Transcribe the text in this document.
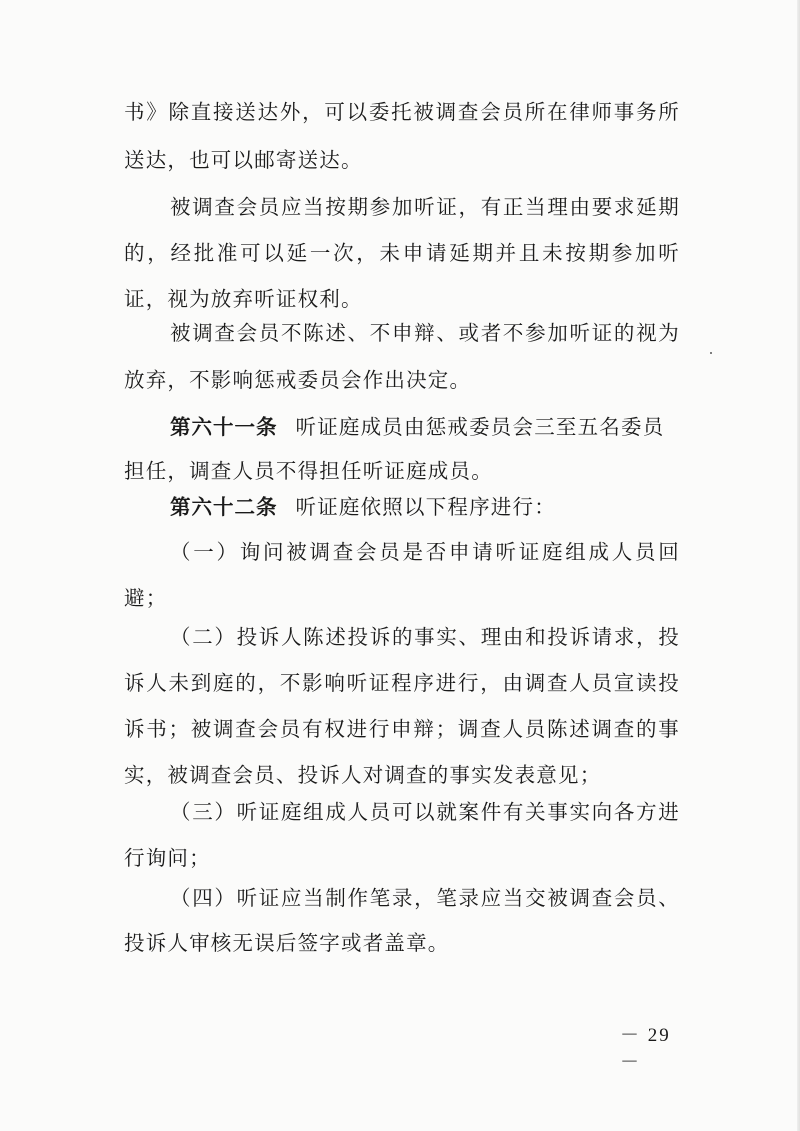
书》除直接送达外，可以委托被调查会员所在律师事务所
送达，也可以邮寄送达。
被调查会员应当按期参加听证，有正当理由要求延期
的，经批准可以延一次，未申请延期并且未按期参加听
证，视为放弃听证权利。
被调查会员不陈述、不申辩、或者不参加听证的视为
放弃，不影响惩戒委员会作出决定。
第六十一条 听证庭成员由惩戒委员会三至五名委员
担任，调查人员不得担任听证庭成员。
第六十二条 听证庭依照以下程序进行：
（一）询问被调查会员是否申请听证庭组成人员回
避；
（二）投诉人陈述投诉的事实、理由和投诉请求，投
诉人未到庭的，不影响听证程序进行，由调查人员宣读投
诉书；被调查会员有权进行申辩；调查人员陈述调查的事
实，被调查会员、投诉人对调查的事实发表意见；
（三）听证庭组成人员可以就案件有关事实向各方进
行询问；
（四）听证应当制作笔录，笔录应当交被调查会员、
投诉人审核无误后签字或者盖章。
－ 29 －
